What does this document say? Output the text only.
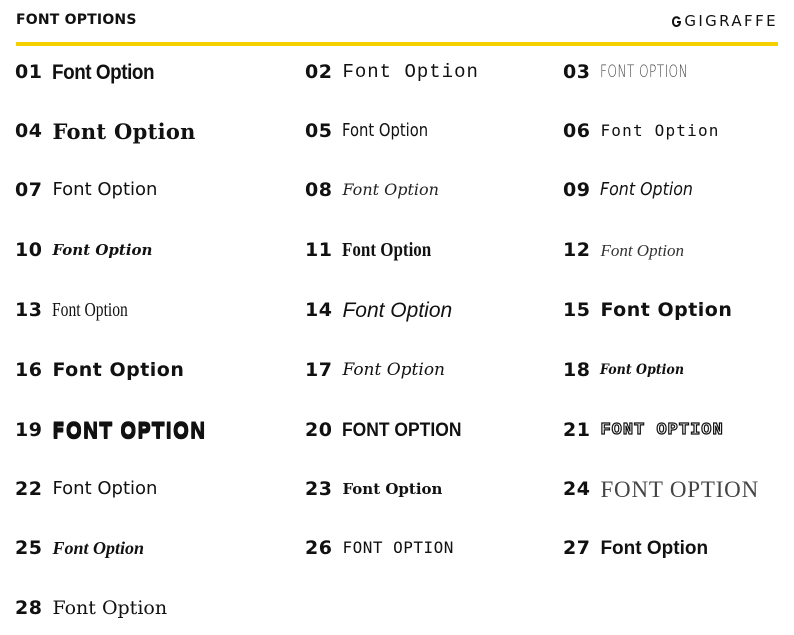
FONT OPTIONS	GIGRAFFE
01 Font Option	02 Font Option	03 FONT OPTION
04 Font Option	05 Font Option	06 Font Option
07 Font Option	08 Font Option	09 Font Option
10 Font Option	11 Font Option	12 Font Option
13 Font Option	14 Font Option	15 Font Option
16 Font Option	17 Font Option	18 Font Option
19 FONT OPTION	20 FONT OPTION	21 FONT OPTION
22 Font Option	23 Font Option	24 FONT OPTION
25 Font Option	26 FONT OPTION	27 Font Option
28 Font Option
